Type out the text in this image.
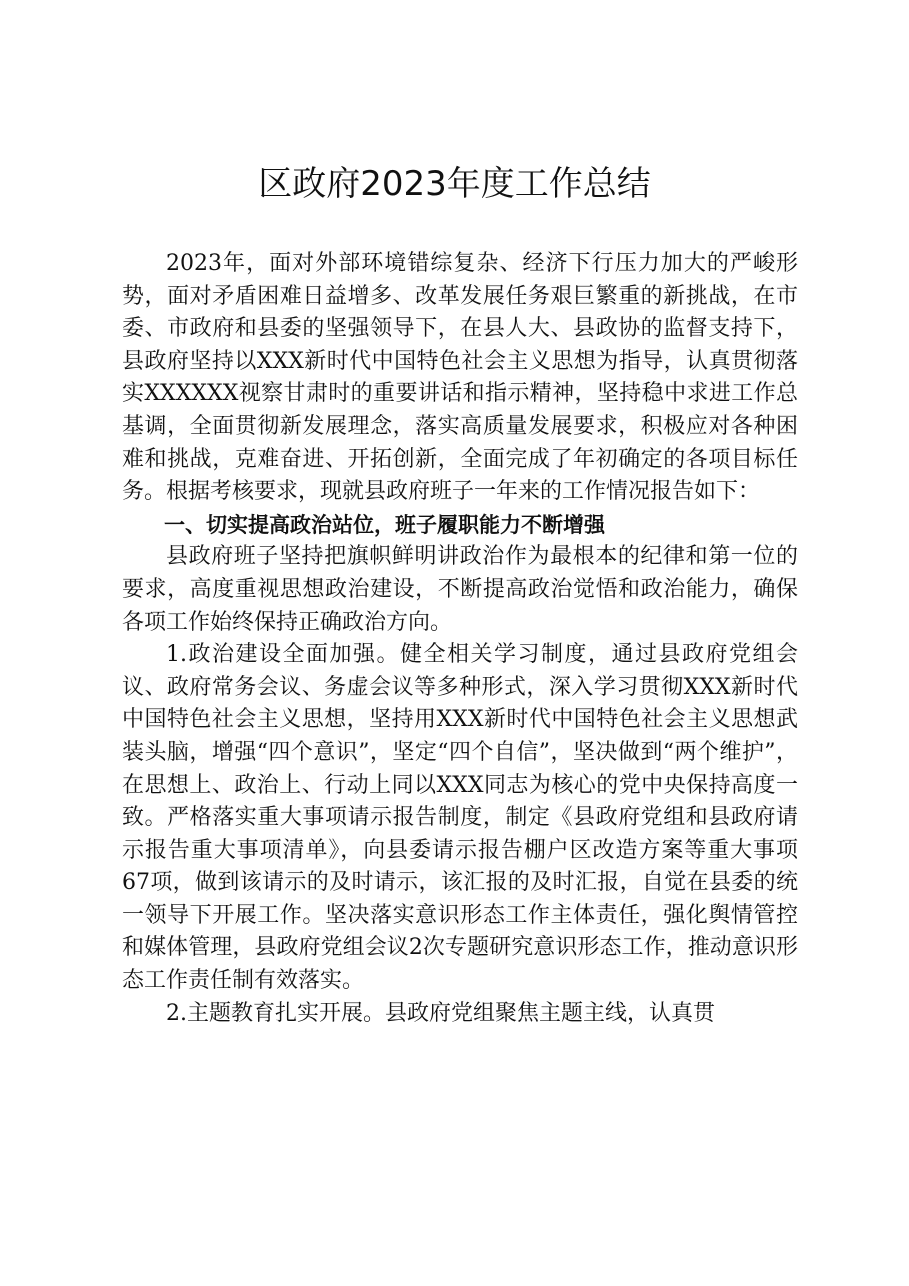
区政府2023年度工作总结

2023年，面对外部环境错综复杂、经济下行压力加大的严峻形势，面对矛盾困难日益增多、改革发展任务艰巨繁重的新挑战，在市委、市政府和县委的坚强领导下，在县人大、县政协的监督支持下，县政府坚持以XXX新时代中国特色社会主义思想为指导，认真贯彻落实XXXXXX视察甘肃时的重要讲话和指示精神，坚持稳中求进工作总基调，全面贯彻新发展理念，落实高质量发展要求，积极应对各种困难和挑战，克难奋进、开拓创新，全面完成了年初确定的各项目标任务。根据考核要求，现就县政府班子一年来的工作情况报告如下：

一、切实提高政治站位，班子履职能力不断增强

县政府班子坚持把旗帜鲜明讲政治作为最根本的纪律和第一位的要求，高度重视思想政治建设，不断提高政治觉悟和政治能力，确保各项工作始终保持正确政治方向。

1.政治建设全面加强。健全相关学习制度，通过县政府党组会议、政府常务会议、务虚会议等多种形式，深入学习贯彻XXX新时代中国特色社会主义思想，坚持用XXX新时代中国特色社会主义思想武装头脑，增强“四个意识”，坚定“四个自信”，坚决做到“两个维护”，在思想上、政治上、行动上同以XXX同志为核心的党中央保持高度一致。严格落实重大事项请示报告制度，制定《县政府党组和县政府请示报告重大事项清单》，向县委请示报告棚户区改造方案等重大事项67项，做到该请示的及时请示，该汇报的及时汇报，自觉在县委的统一领导下开展工作。坚决落实意识形态工作主体责任，强化舆情管控和媒体管理，县政府党组会议2次专题研究意识形态工作，推动意识形态工作责任制有效落实。

2.主题教育扎实开展。县政府党组聚焦主题主线，认真贯
